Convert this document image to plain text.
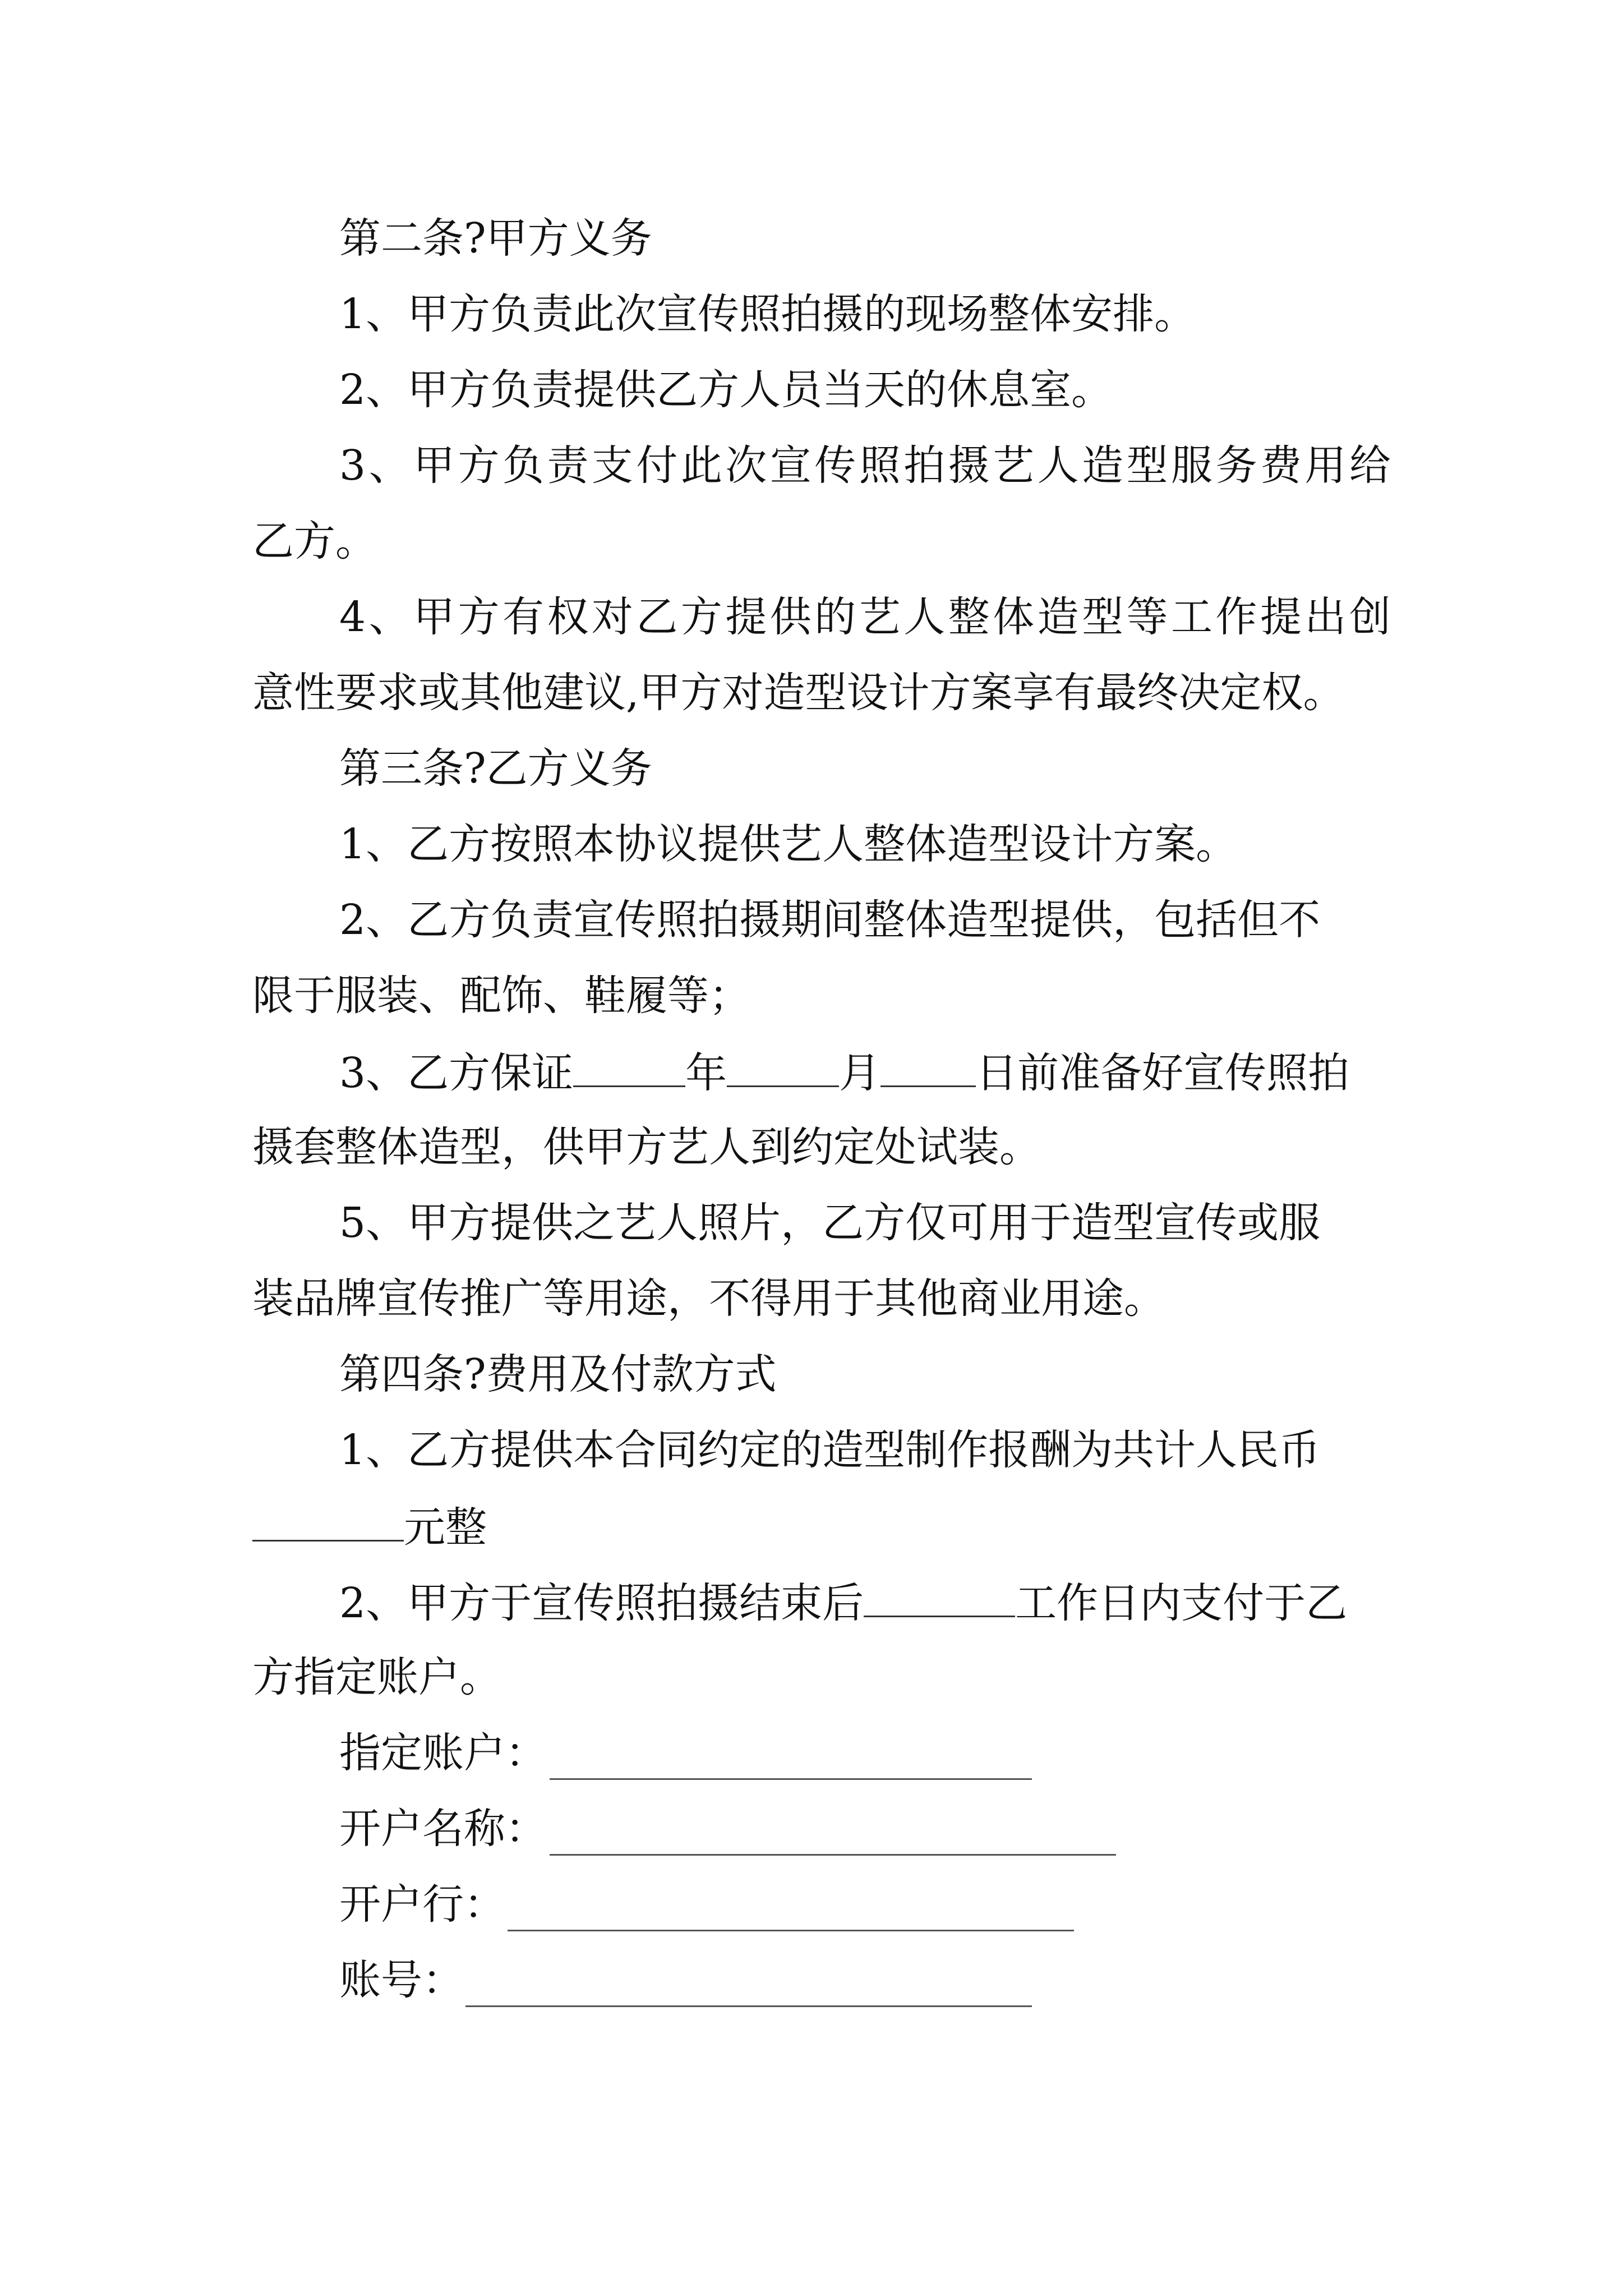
第二条?甲方义务
1、甲方负责此次宣传照拍摄的现场整体安排。
2、甲方负责提供乙方人员当天的休息室。
3 、 甲 方 负 责 支 付 此 次 宣 传 照 拍 摄 艺 人 造 型 服 务 费 用 给
乙方。
4 、 甲 方 有 权 对 乙 方 提 供 的 艺 人 整 体 造 型 等 工 作 提 出 创
意性要求或其他建议,甲方对造型设计方案享有最终决定权。
第三条?乙方义务
1、乙方按照本协议提供艺人整体造型设计方案。
2、乙方负责宣传照拍摄期间整体造型提供，包括但不
限于服装、配饰、鞋履等；
3、乙方保证	年	月 日前准备好宣传照拍
摄套整体造型，供甲方艺人到约定处试装。
5、甲方提供之艺人照片，乙方仅可用于造型宣传或服
装品牌宣传推广等用途，不得用于其他商业用途。
第四条?费用及付款方式
1、乙方提供本合同约定的造型制作报酬为共计人民币
元整
2、甲方于宣传照拍摄结束后	工作日内支付于乙
方指定账户。
指定账户：
开户名称：
开户行：
账号：
